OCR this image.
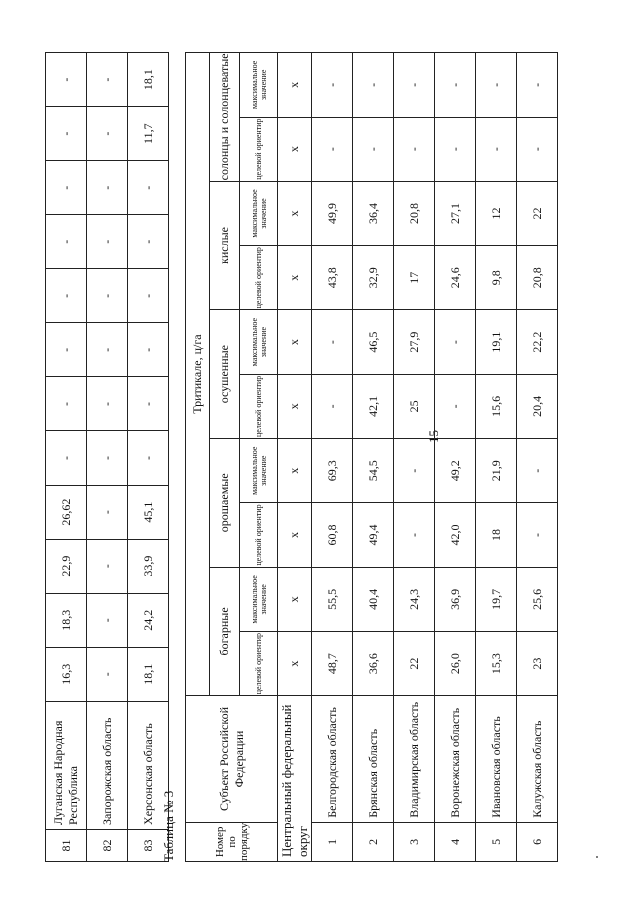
15
81	Луганская Народная Республика	16,3	18,3	22,9	26,62	-	-	-	-	-	-	-	-
82	Запорожская область	-	-	-	-	-	-	-	-	-	-	-	-
83	Херсонская область	18,1	24,2	33,9	45,1	-	-	-	-	-	-	11,7	18,1
Таблица № 3	Номер по порядку	Субъект Российской Федерации	Тритикале, ц/га									
		богарные		орошаемые		осушенные		кислые		солонцы и солонцеватые	
		целевой ориентир	максимальное значение	целевой ориентир	максимальное значение	целевой ориентир	максимальное значение	целевой ориентир	максимальное значение	целевой ориентир	максимальное значение
Центральный федеральный округ		х	х	х	х	х	х	х	х	х	х
1	Белгородская область	48,7	55,5	60,8	69,3	-	-	43,8	49,9	-	-
2	Брянская область	36,6	40,4	49,4	54,5	42,1	46,5	32,9	36,4	-	-
3	Владимирская область	22	24,3	-	-	25	27,9	17	20,8	-	-
4	Воронежская область	26,0	36,9	42,0	49,2	-	-	24,6	27,1	-	-
5	Ивановская область	15,3	19,7	18	21,9	15,6	19,1	9,8	12	-	-
6	Калужская область	23	25,6	-	-	20,4	22,2	20,8	22	-	-
